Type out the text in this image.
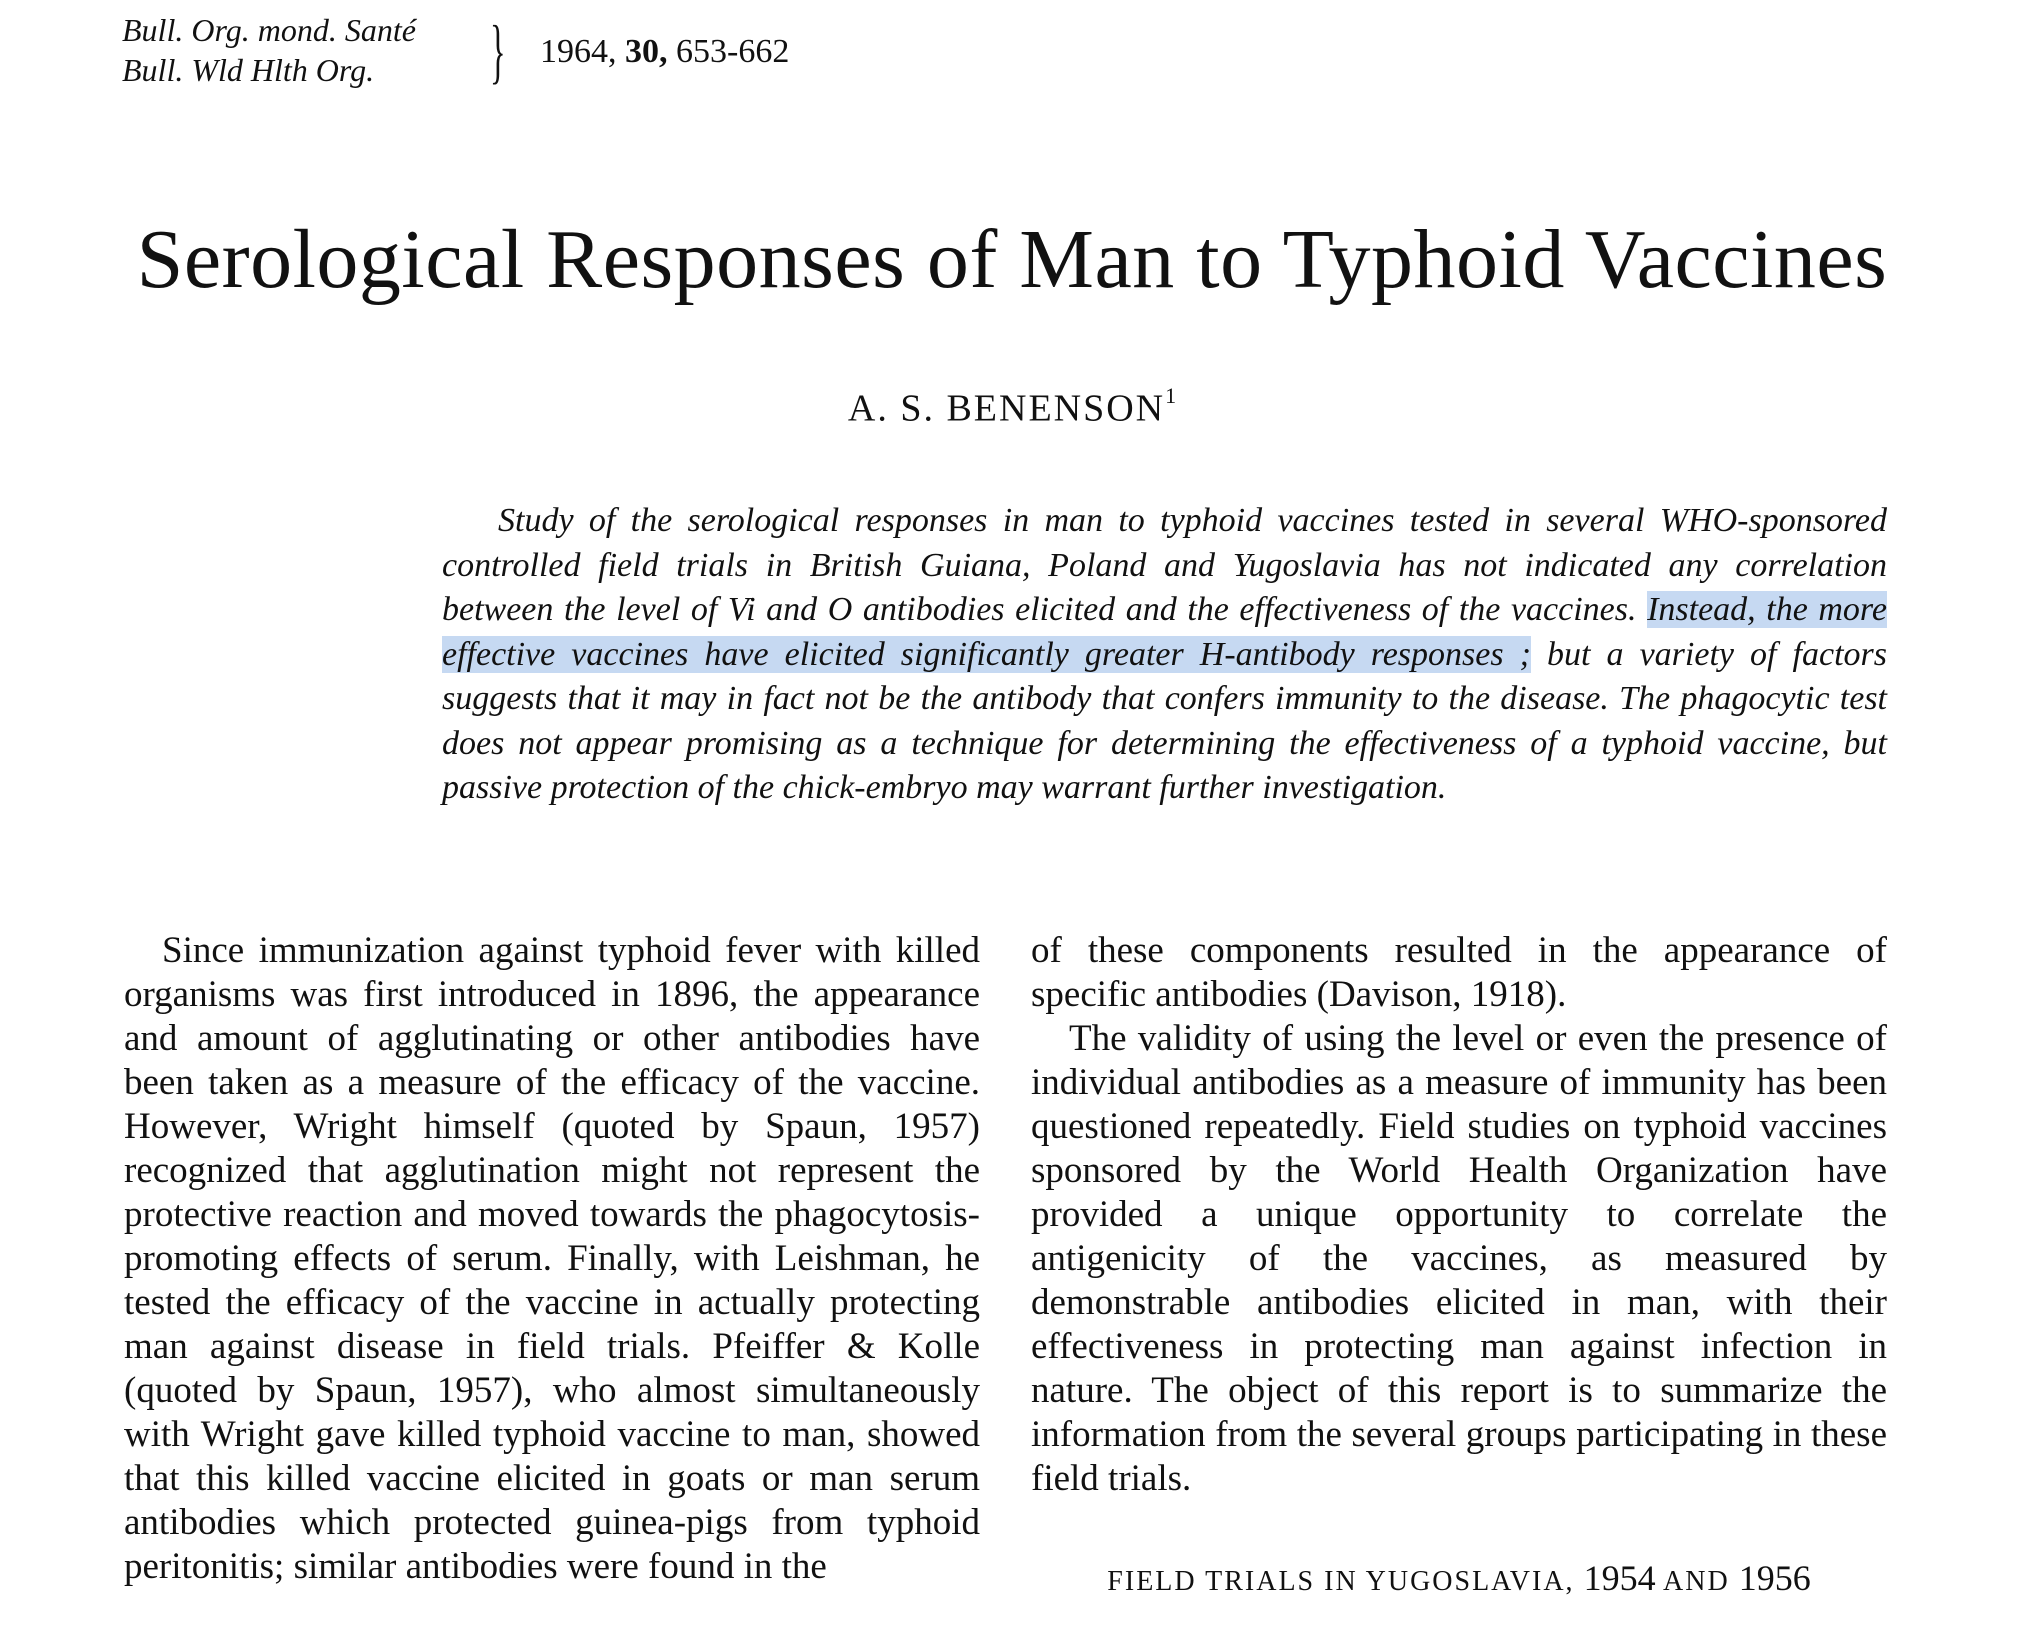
Bull. Org. mond. Santé
Bull. Wld Hlth Org.	} 1964, 30, 653-662
Serological Responses of Man to Typhoid Vaccines
A. S. BENENSON$^1$

Study of the serological responses in man to typhoid vaccines tested in several WHO-sponsored controlled field trials in British Guiana, Poland and Yugoslavia has not indicated any correlation between the level of Vi and O antibodies elicited and the effectiveness of the vaccines. Instead, the more effective vaccines have elicited significantly greater H-antibody responses ; but a variety of factors suggests that it may in fact not be the antibody that confers immunity to the disease. The phagocytic test does not appear promising as a technique for determining the effectiveness of a typhoid vaccine, but passive protection of the chick-embryo may warrant further investigation.

Since immunization against typhoid fever with killed organisms was first introduced in 1896, the appearance and amount of agglutinating or other antibodies have been taken as a measure of the efficacy of the vaccine. However, Wright himself (quoted by Spaun, 1957) recognized that agglutination might not represent the protective reaction and moved towards the phagocytosis-promoting effects of serum. Finally, with Leishman, he tested the efficacy of the vaccine in actually protecting man against disease in field trials. Pfeiffer & Kolle (quoted by Spaun, 1957), who almost simultaneously with Wright gave killed typhoid vaccine to man, showed that this killed vaccine elicited in goats or man serum antibodies which protected guinea-pigs from typhoid peritonitis; similar antibodies were found in the

of these components resulted in the appearance of specific antibodies (Davison, 1918).

The validity of using the level or even the presence of individual antibodies as a measure of immunity has been questioned repeatedly. Field studies on typhoid vaccines sponsored by the World Health Organization have provided a unique opportunity to correlate the antigenicity of the vaccines, as measured by demonstrable antibodies elicited in man, with their effectiveness in protecting man against infection in nature. The object of this report is to summarize the information from the several groups participating in these field trials.

FIELD TRIALS IN YUGOSLAVIA, 1954 AND 1956
